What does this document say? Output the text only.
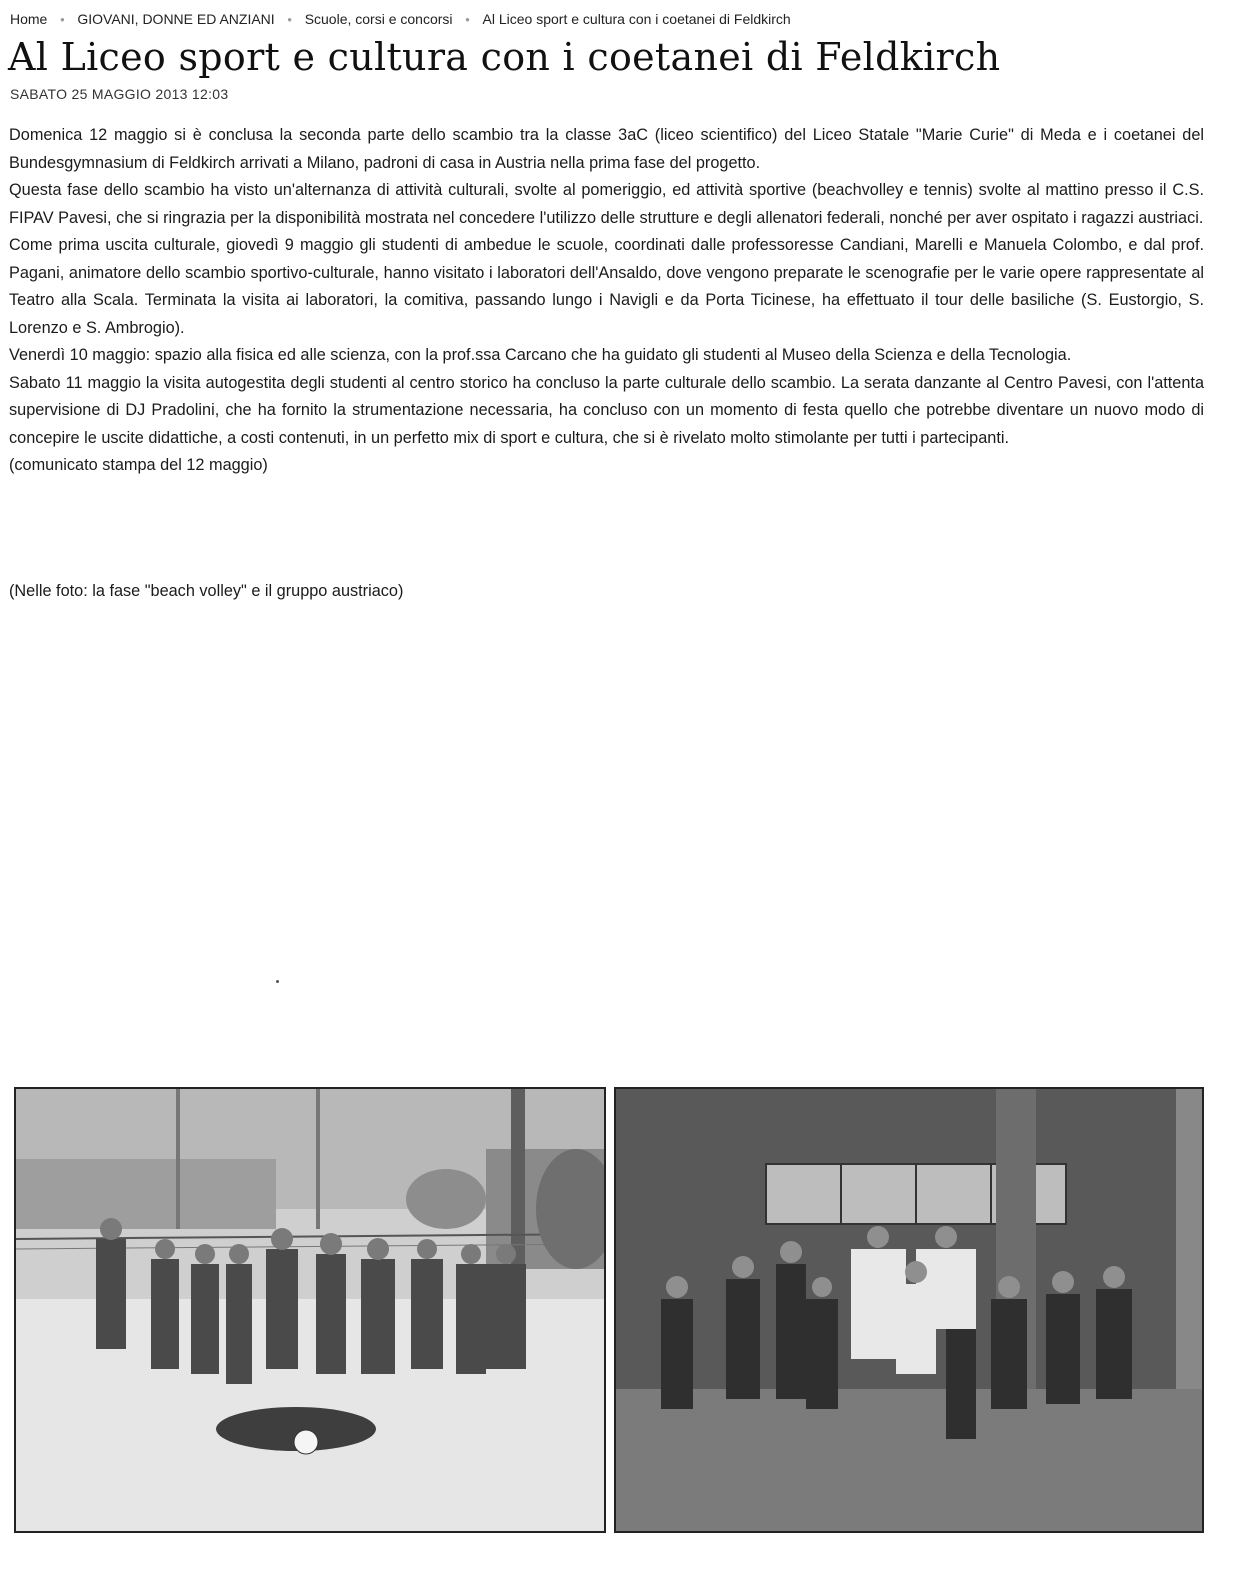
Home	● GIOVANI, DONNE ED ANZIANI	● Scuole, corsi e concorsi	● Al Liceo sport e cultura con i coetanei di Feldkirch
Al Liceo sport e cultura con i coetanei di Feldkirch
SABATO 25 MAGGIO 2013 12:03

Domenica 12 maggio si è conclusa la seconda parte dello scambio tra la classe 3aC (liceo scientifico) del Liceo Statale "Marie Curie" di Meda e i coetanei del Bundesgymnasium di Feldkirch arrivati a Milano, padroni di casa in Austria nella prima fase del progetto.

Questa fase dello scambio ha visto un'alternanza di attività culturali, svolte al pomeriggio, ed attività sportive (beachvolley e tennis) svolte al mattino presso il C.S. FIPAV Pavesi, che si ringrazia per la disponibilità mostrata nel concedere l'utilizzo delle strutture e degli allenatori federali, nonché per aver ospitato i ragazzi austriaci.

Come prima uscita culturale, giovedì 9 maggio gli studenti di ambedue le scuole, coordinati dalle professoresse Candiani, Marelli e Manuela Colombo, e dal prof. Pagani, animatore dello scambio sportivo-culturale, hanno visitato i laboratori dell'Ansaldo, dove vengono preparate le scenografie per le varie opere rappresentate al Teatro alla Scala. Terminata la visita ai laboratori, la comitiva, passando lungo i Navigli e da Porta Ticinese, ha effettuato il tour delle basiliche (S. Eustorgio, S. Lorenzo e S. Ambrogio).

Venerdì 10 maggio: spazio alla fisica ed alle scienza, con la prof.ssa Carcano che ha guidato gli studenti al Museo della Scienza e della Tecnologia.

Sabato 11 maggio la visita autogestita degli studenti al centro storico ha concluso la parte culturale dello scambio. La serata danzante al Centro Pavesi, con l'attenta supervisione di DJ Pradolini, che ha fornito la strumentazione necessaria, ha concluso con un momento di festa quello che potrebbe diventare un nuovo modo di concepire le uscite didattiche, a costi contenuti, in un perfetto mix di sport e cultura, che si è rivelato molto stimolante per tutti i partecipanti.

(comunicato stampa del 12 maggio)

(Nelle foto: la fase "beach volley" e il gruppo austriaco)
